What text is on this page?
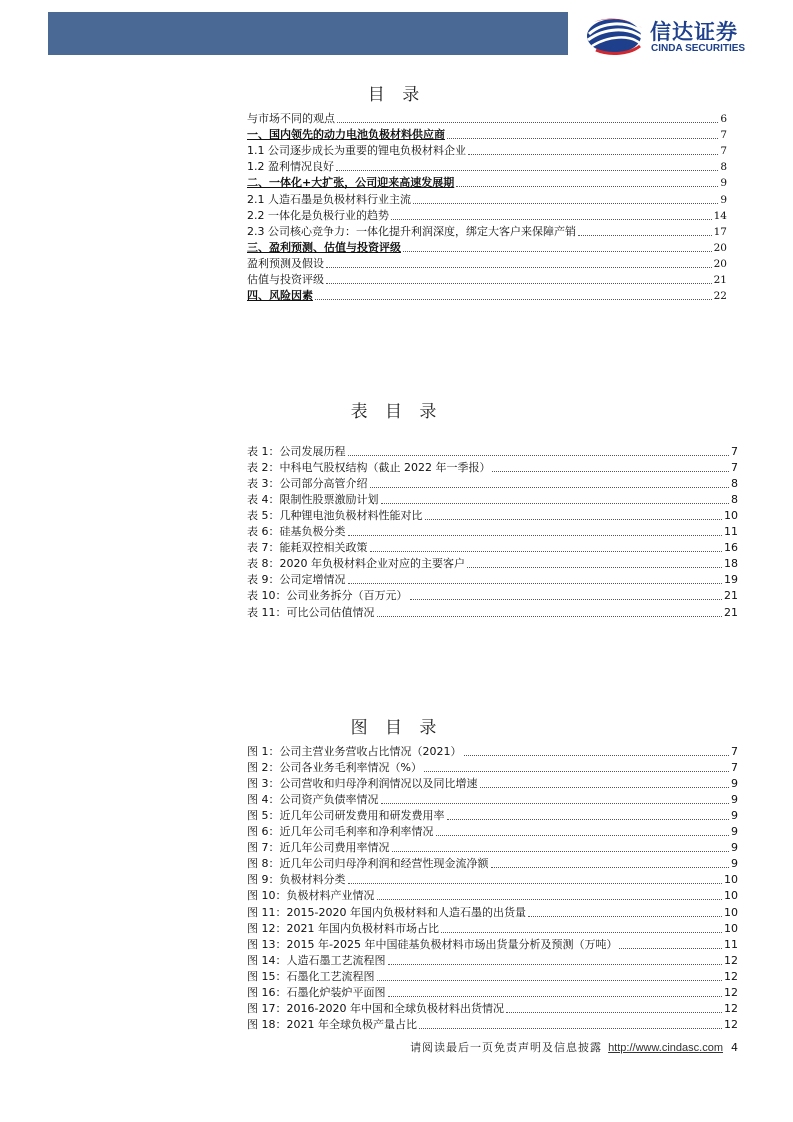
信达证券
CINDA SECURITIES
目 录
与市场不同的观点	6
一、国内领先的动力电池负极材料供应商	7
1.1 公司逐步成长为重要的锂电负极材料企业	7
1.2 盈利情况良好	8
二、一体化+大扩张，公司迎来高速发展期	9
2.1 人造石墨是负极材料行业主流	9
2.2 一体化是负极行业的趋势	14
2.3 公司核心竞争力：一体化提升利润深度，绑定大客户来保障产销	17
三、盈利预测、估值与投资评级	20
盈利预测及假设	20
估值与投资评级	21
四、风险因素	22
表 目 录
表 1：公司发展历程	7
表 2：中科电气股权结构（截止 2022 年一季报）	7
表 3：公司部分高管介绍	8
表 4：限制性股票激励计划	8
表 5：几种锂电池负极材料性能对比	10
表 6：硅基负极分类	11
表 7：能耗双控相关政策	16
表 8：2020 年负极材料企业对应的主要客户	18
表 9：公司定增情况	19
表 10：公司业务拆分（百万元）	21
表 11：可比公司估值情况	21
图 目 录
图 1：公司主营业务营收占比情况（2021）	7
图 2：公司各业务毛利率情况（%）	7
图 3：公司营收和归母净利润情况以及同比增速	9
图 4：公司资产负债率情况	9
图 5：近几年公司研发费用和研发费用率	9
图 6：近几年公司毛利率和净利率情况	9
图 7：近几年公司费用率情况	9
图 8：近几年公司归母净利润和经营性现金流净额	9
图 9：负极材料分类	10
图 10：负极材料产业情况	10
图 11：2015-2020 年国内负极材料和人造石墨的出货量	10
图 12：2021 年国内负极材料市场占比	10
图 13：2015 年-2025 年中国硅基负极材料市场出货量分析及预测（万吨）	11
图 14：人造石墨工艺流程图	12
图 15：石墨化工艺流程图	12
图 16：石墨化炉装炉平面图	12
图 17：2016-2020 年中国和全球负极材料出货情况	12
图 18：2021 年全球负极产量占比	12
请阅读最后一页免责声明及信息披露 http://www.cindasc.com 4
